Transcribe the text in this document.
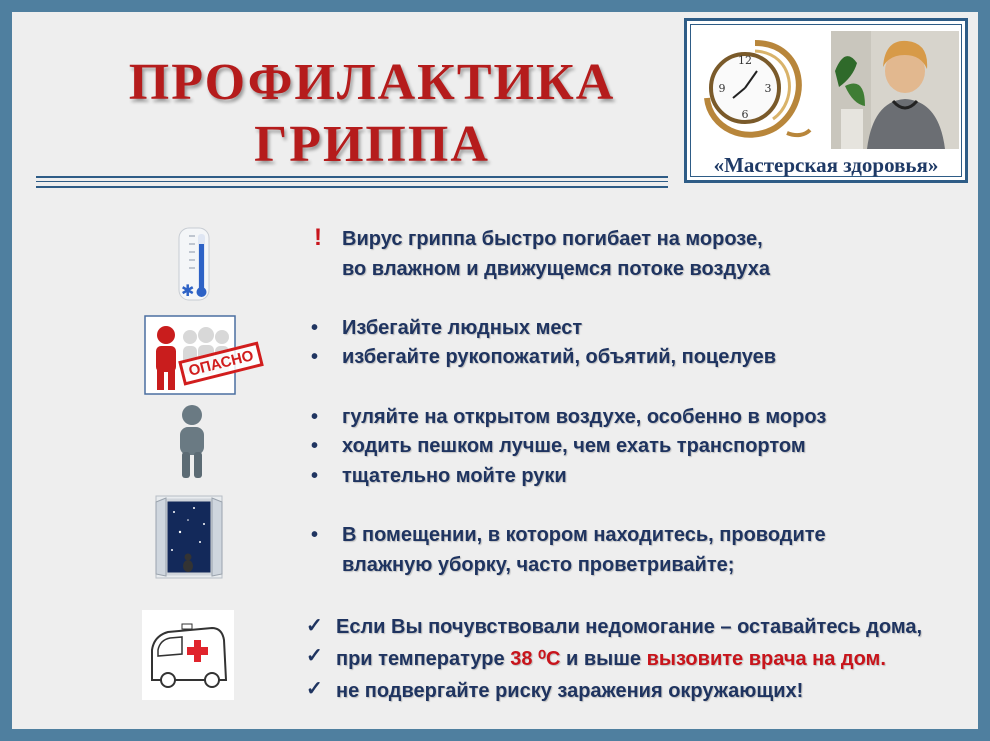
ПРОФИЛАКТИКА
ГРИППА
12
3
6
9
«Мастерская здоровья»
✱
ОПАСНО
! Вирус гриппа быстро погибает на морозе,
во влажном и движущемся потоке воздуха
• Избегайте людных мест
• избегайте рукопожатий, объятий, поцелуев
• гуляйте на открытом воздухе, особенно в мороз
• ходить пешком лучше, чем ехать транспортом
• тщательно мойте руки
• В помещении, в котором находитесь, проводите
влажную уборку, часто проветривайте;
✓ Если Вы почувствовали недомогание – оставайтесь дома,
✓ при температуре 38 ⁰С и выше вызовите врача на дом.
✓ не подвергайте риску заражения окружающих!
